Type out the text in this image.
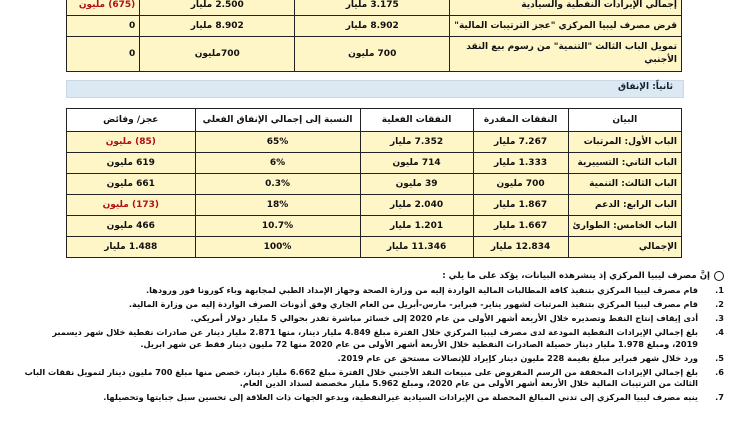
إجمالي الإيرادات النفطية والسيادية	3.175 مليار	2.500 مليار	(675) مليون
قرض مصرف ليبيا المركزي "عجز الترتيبات المالية"	8.902 مليار	8.902 مليار	0
تمويل الباب الثالث "التنمية" من رسوم بيع النقد الأجنبي	700 مليون	700مليون	0
ثانياً: الإنفاق
البيان	النفقات المقدرة	النفقات الفعلية	النسبة إلى إجمالي الإنفاق الفعلي	عجز/ وفائض
الباب الأول: المرتبات	7.267 مليار	7.352 مليار	65%	(85) مليون
الباب الثاني: التسييرية	1.333 مليار	714 مليون	6%	619 مليون
الباب الثالث: التنمية	700 مليون	39 مليون	0.3%	661 مليون
الباب الرابع: الدعم	1.867 مليار	2.040 مليار	18%	(173) مليون
الباب الخامس: الطوارئ	1.667 مليار	1.201 مليار	10.7%	466 مليون
الإجمالي	12.834 مليار	11.346 مليار	100%	1.488 مليار

إنَّ مصرف ليبيا المركزي إذ ينشرهذه البيانات، يؤكد على ما يلي :

1.
قام مصرف ليبيا المركزي بتنفيذ كافة المطالبات المالية الواردة إليه من وزارة الصحة وجهاز الإمداد الطبي لمجابهة وباء كورونا فور ورودها.
2.
قام مصرف ليبيا المركزي بتنفيذ المرتبات لشهور يناير- فبراير- مارس-أبريل من العام الجاري وفق أذونات الصرف الواردة إليه من وزارة المالية.
3.
أدى إيقاف إنتاج النفط وتصديره خلال الأربعة أشهر الأولى من عام 2020 إلى خسائر مباشرة تقدر بحوالي 5 مليار دولار أمريكي.
4.
بلغ إجمالي الإيرادات النفطية المودعة لدى مصرف ليبيا المركزي خلال الفترة مبلغ 4.849 مليار دينار، منها 2.871 مليار دينار عن صادرات نفطية خلال شهر ديسمبر 2019، ومبلغ 1.978 مليار دينار حصيلة الصادرات النفطية خلال الأربعة أشهر الأولى من عام 2020 منها 72 مليون دينار فقط عن شهر ابريل.
5.
ورد خلال شهر فبراير مبلغ بقيمة 228 مليون دينار كإيراد للإتصالات مستحق عن عام 2019.
6.
بلغ إجمالي الإيرادات المحققة من الرسم المفروض على مبيعات النقد الأجنبي خلال الفترة مبلغ 6.662 مليار دينار، خصص منها مبلغ 700 مليون دينار لتمويل نفقات الباب الثالث من الترتيبات المالية خلال الأربعة أشهر الأولى من عام 2020، ومبلغ 5.962 مليار مخصصة لسداد الدين العام.
7.
ينبه مصرف ليبيا المركزي إلى تدني المبالغ المحصلة من الإيرادات السيادية غيرالنفطية، ويدعو الجهات ذات العلاقة إلى تحسين سبل جبايتها وتحصيلها.
